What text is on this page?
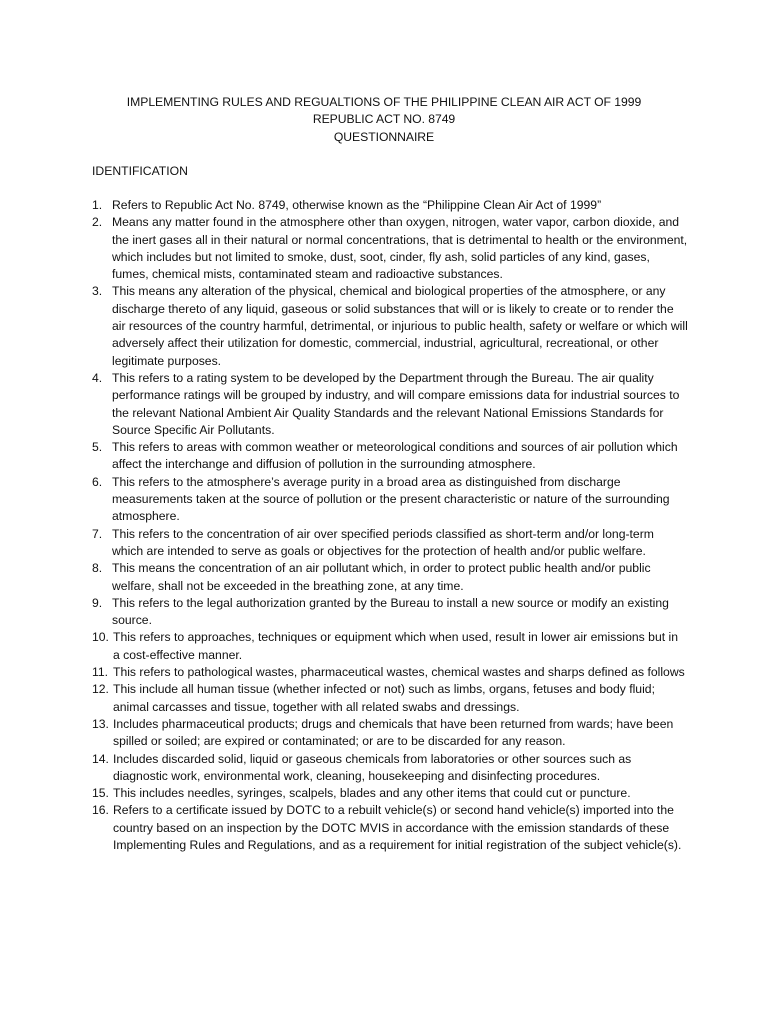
IMPLEMENTING RULES AND REGUALTIONS OF THE PHILIPPINE CLEAN AIR ACT OF 1999
REPUBLIC ACT NO. 8749
QUESTIONNAIRE
IDENTIFICATION
1. Refers to Republic Act No. 8749, otherwise known as the “Philippine Clean Air Act of 1999”
2. Means any matter found in the atmosphere other than oxygen, nitrogen, water vapor, carbon dioxide, and the inert gases all in their natural or normal concentrations, that is detrimental to health or the environment, which includes but not limited to smoke, dust, soot, cinder, fly ash, solid particles of any kind, gases, fumes, chemical mists, contaminated steam and radioactive substances.
3. This means any alteration of the physical, chemical and biological properties of the atmosphere, or any discharge thereto of any liquid, gaseous or solid substances that will or is likely to create or to render the air resources of the country harmful, detrimental, or injurious to public health, safety or welfare or which will adversely affect their utilization for domestic, commercial, industrial, agricultural, recreational, or other legitimate purposes.
4. This refers to a rating system to be developed by the Department through the Bureau. The air quality performance ratings will be grouped by industry, and will compare emissions data for industrial sources to the relevant National Ambient Air Quality Standards and the relevant National Emissions Standards for Source Specific Air Pollutants.
5. This refers to areas with common weather or meteorological conditions and sources of air pollution which affect the interchange and diffusion of pollution in the surrounding atmosphere.
6. This refers to the atmosphere’s average purity in a broad area as distinguished from discharge measurements taken at the source of pollution or the present characteristic or nature of the surrounding atmosphere.
7. This refers to the concentration of air over specified periods classified as short-term and/or long-term which are intended to serve as goals or objectives for the protection of health and/or public welfare.
8. This means the concentration of an air pollutant which, in order to protect public health and/or public welfare, shall not be exceeded in the breathing zone, at any time.
9. This refers to the legal authorization granted by the Bureau to install a new source or modify an existing source.
10. This refers to approaches, techniques or equipment which when used, result in lower air emissions but in a cost-effective manner.
11. This refers to pathological wastes, pharmaceutical wastes, chemical wastes and sharps defined as follows
12. This include all human tissue (whether infected or not) such as limbs, organs, fetuses and body fluid; animal carcasses and tissue, together with all related swabs and dressings.
13. Includes pharmaceutical products; drugs and chemicals that have been returned from wards; have been spilled or soiled; are expired or contaminated; or are to be discarded for any reason.
14. Includes discarded solid, liquid or gaseous chemicals from laboratories or other sources such as diagnostic work, environmental work, cleaning, housekeeping and disinfecting procedures.
15. This includes needles, syringes, scalpels, blades and any other items that could cut or puncture.
16. Refers to a certificate issued by DOTC to a rebuilt vehicle(s) or second hand vehicle(s) imported into the country based on an inspection by the DOTC MVIS in accordance with the emission standards of these Implementing Rules and Regulations, and as a requirement for initial registration of the subject vehicle(s).
